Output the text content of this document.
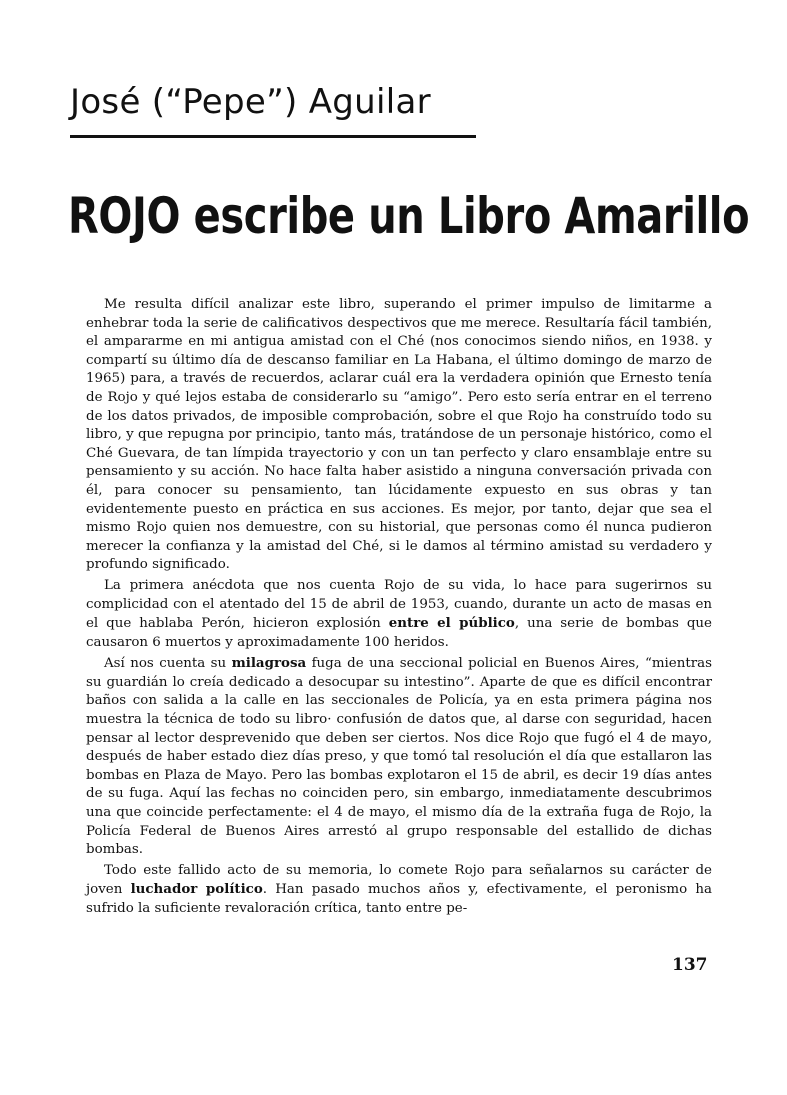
José (“Pepe”) Aguilar
ROJO escribe un Libro Amarillo

Me resulta difícil analizar este libro, superando el primer impulso de limitarme a enhebrar toda la serie de calificativos despectivos que me merece. Resultaría fácil también, el ampararme en mi antigua amistad con el Ché (nos conocimos siendo niños, en 1938. y compartí su último día de descanso familiar en La Habana, el último domingo de marzo de 1965) para, a través de recuerdos, aclarar cuál era la verdadera opinión que Ernesto tenía de Rojo y qué lejos estaba de considerarlo su “amigo”. Pero esto sería entrar en el terreno de los datos privados, de imposible comprobación, sobre el que Rojo ha construído todo su libro, y que repugna por principio, tanto más, tratándose de un personaje histórico, como el Ché Guevara, de tan límpida trayectorio y con un tan perfecto y claro ensamblaje entre su pensamiento y su acción. No hace falta haber asistido a ninguna conversación privada con él, para conocer su pensamiento, tan lúcidamente expuesto en sus obras y tan evidentemente puesto en práctica en sus acciones. Es mejor, por tanto, dejar que sea el mismo Rojo quien nos demuestre, con su historial, que personas como él nunca pudieron merecer la confianza y la amistad del Ché, si le damos al término amistad su verdadero y profundo significado.

La primera anécdota que nos cuenta Rojo de su vida, lo hace para sugerirnos su complicidad con el atentado del 15 de abril de 1953, cuando, durante un acto de masas en el que hablaba Perón, hicieron explosión entre el público, una serie de bombas que causaron 6 muertos y aproximadamente 100 heridos.

Así nos cuenta su milagrosa fuga de una seccional policial en Buenos Aires, “mientras su guardián lo creía dedicado a desocupar su intestino”. Aparte de que es difícil encontrar baños con salida a la calle en las seccionales de Policía, ya en esta primera página nos muestra la técnica de todo su libro· confusión de datos que, al darse con seguridad, hacen pensar al lector desprevenido que deben ser ciertos. Nos dice Rojo que fugó el 4 de mayo, después de haber estado diez días preso, y que tomó tal resolución el día que estallaron las bombas en Plaza de Mayo. Pero las bombas explotaron el 15 de abril, es decir 19 días antes de su fuga. Aquí las fechas no coinciden pero, sin embargo, inmediatamente descubrimos una que coincide perfectamente: el 4 de mayo, el mismo día de la extraña fuga de Rojo, la Policía Federal de Buenos Aires arrestó al grupo responsable del estallido de dichas bombas.

Todo este fallido acto de su memoria, lo comete Rojo para señalarnos su carácter de joven luchador político. Han pasado muchos años y, efectivamente, el peronismo ha sufrido la suficiente revaloración crítica, tanto entre pe-

137
